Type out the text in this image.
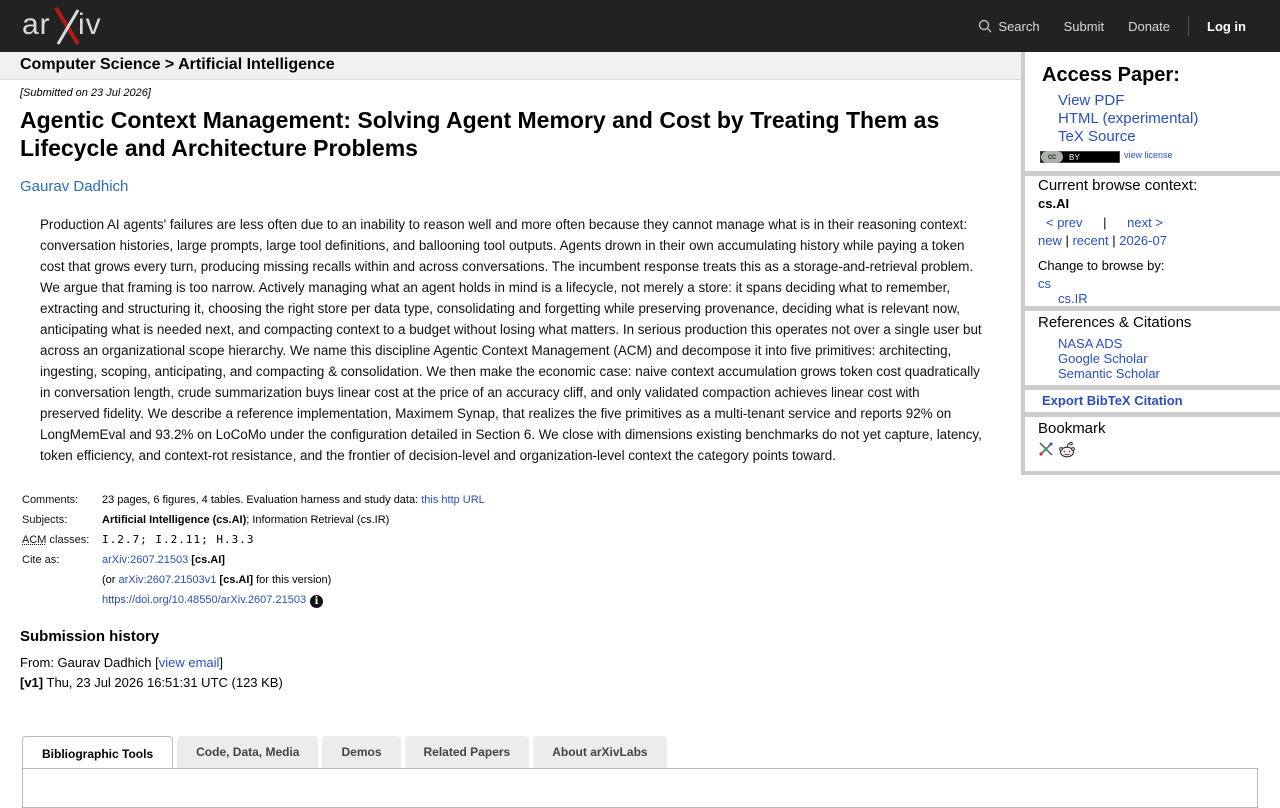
ar iv	Search	Submit	Donate	Log in
Computer Science > Artificial Intelligence
[Submitted on 23 Jul 2026]
Agentic Context Management: Solving Agent Memory and Cost by Treating Them as Lifecycle and Architecture Problems
Gaurav Dadhich
Production AI agents' failures are less often due to an inability to reason well and more often because they cannot manage what is in their reasoning context: conversation histories, large prompts, large tool definitions, and ballooning tool outputs. Agents drown in their own accumulating history while paying a token cost that grows every turn, producing missing recalls within and across conversations. The incumbent response treats this as a storage-and-retrieval problem. We argue that framing is too narrow. Actively managing what an agent holds in mind is a lifecycle, not merely a store: it spans deciding what to remember, extracting and structuring it, choosing the right store per data type, consolidating and forgetting while preserving provenance, deciding what is relevant now, anticipating what is needed next, and compacting context to a budget without losing what matters. In serious production this operates not over a single user but across an organizational scope hierarchy. We name this discipline Agentic Context Management (ACM) and decompose it into five primitives: architecting, ingesting, scoping, anticipating, and compacting & consolidation. We then make the economic case: naive context accumulation grows token cost quadratically in conversation length, crude summarization buys linear cost at the price of an accuracy cliff, and only validated compaction achieves linear cost with preserved fidelity. We describe a reference implementation, Maximem Synap, that realizes the five primitives as a multi-tenant service and reports 92% on LongMemEval and 93.2% on LoCoMo under the configuration detailed in Section 6. We close with dimensions existing benchmarks do not yet capture, latency, token efficiency, and context-rot resistance, and the frontier of decision-level and organization-level context the category points toward.
Comments:	23 pages, 6 figures, 4 tables. Evaluation harness and study data: this http URL
Subjects:	Artificial Intelligence (cs.AI); Information Retrieval (cs.IR)
ACM classes:	I.2.7; I.2.11; H.3.3
Cite as:	arXiv:2607.21503 [cs.AI]
	(or arXiv:2607.21503v1 [cs.AI] for this version)
	https://doi.org/10.48550/arXiv.2607.21503 i
Submission history
From: Gaurav Dadhich [view email]
[v1] Thu, 23 Jul 2026 16:51:31 UTC (123 KB)
Bibliographic Tools	Code, Data, Media	Demos	Related Papers	About arXivLabs
Access Paper:
View PDF
HTML (experimental)
TeX Source
cc	BY	view license
Current browse context:
cs.AI
< prev | next >
new | recent | 2026-07
Change to browse by:
cs
cs.IR
References & Citations
NASA ADS
Google Scholar
Semantic Scholar
Export BibTeX Citation
Bookmark
